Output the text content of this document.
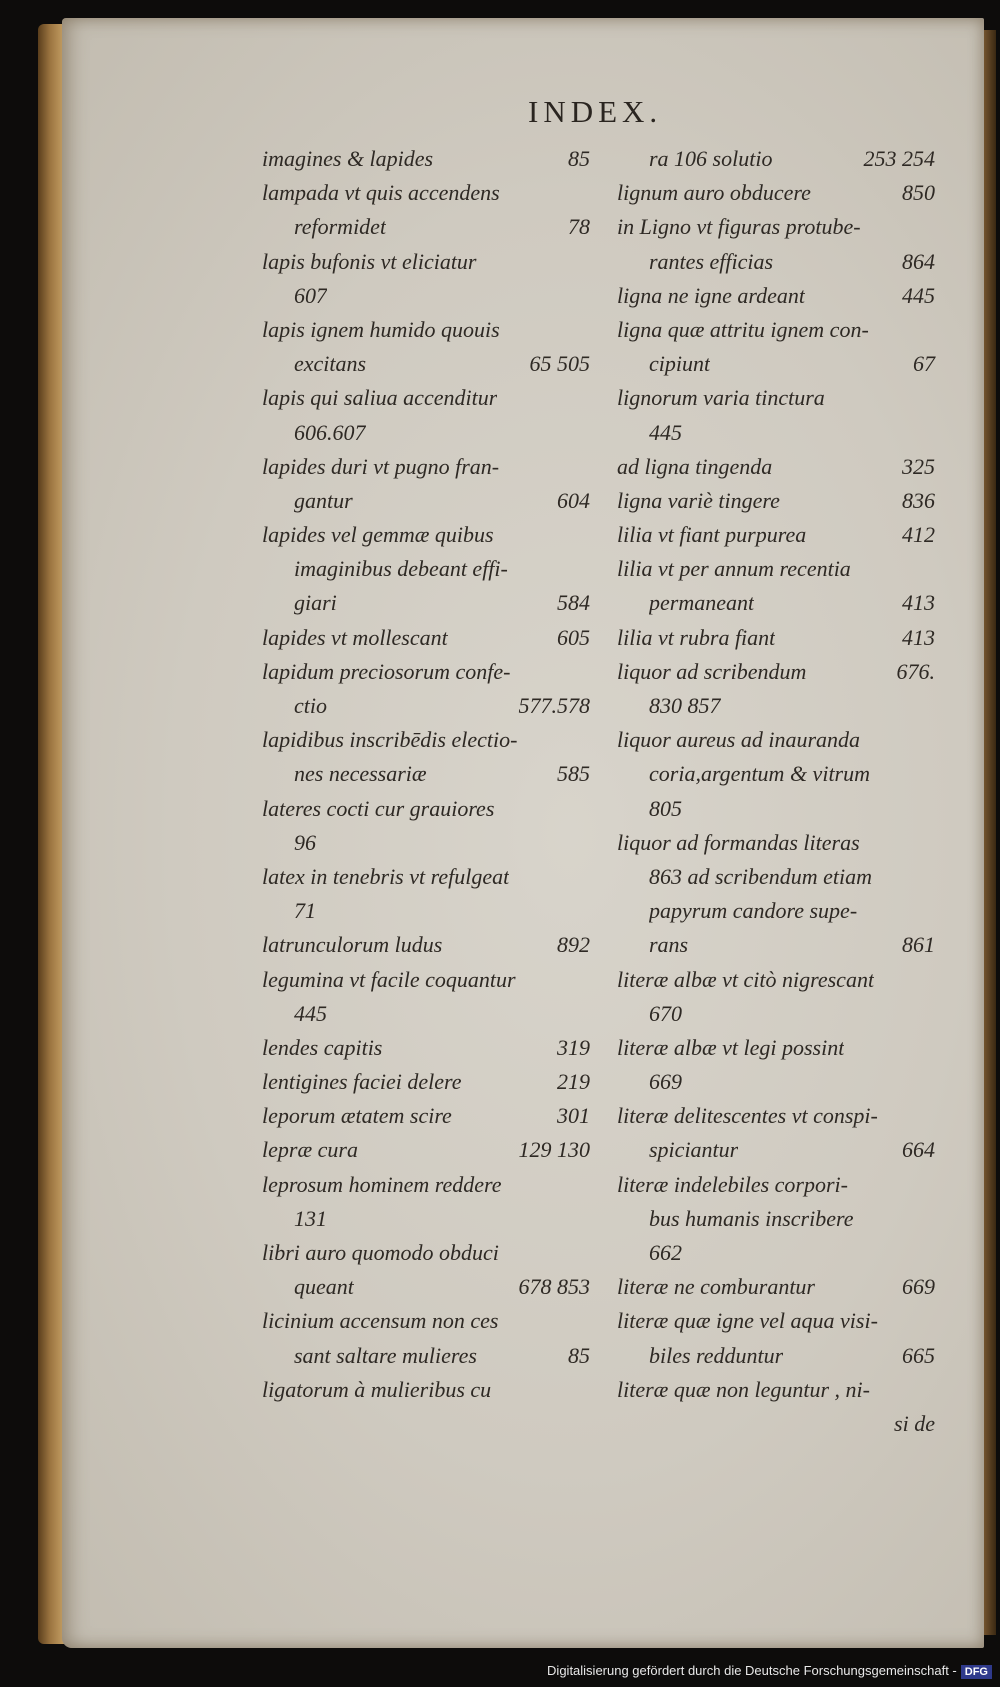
INDEX.
imagines & lapides	85
lampada vt quis accendens
reformidet	78
lapis bufonis vt eliciatur
607
lapis ignem humido quouis
excitans	65 505
lapis qui saliua accenditur
606.607
lapides duri vt pugno fran-
gantur	604
lapides vel gemmæ quibus
imaginibus debeant effi-
giari	584
lapides vt mollescant	605
lapidum preciosorum confe-
ctio	577.578
lapidibus inscribēdis electio-
nes necessariæ	585
lateres cocti cur grauiores
96
latex in tenebris vt refulgeat
71
latrunculorum ludus	892
legumina vt facile coquantur
445
lendes capitis	319
lentigines faciei delere	219
leporum ætatem scire	301
lepræ cura	129 130
leprosum hominem reddere
131
libri auro quomodo obduci
queant	678 853
licinium accensum non ces
sant saltare mulieres	85
ligatorum à mulieribus cu
ra 106 solutio	253 254
lignum auro obducere	850
in Ligno vt figuras protube-
rantes efficias	864
ligna ne igne ardeant	445
ligna quæ attritu ignem con-
cipiunt	67
lignorum varia tinctura
445
ad ligna tingenda	325
ligna variè tingere	836
lilia vt fiant purpurea	412
lilia vt per annum recentia
permaneant	413
lilia vt rubra fiant	413
liquor ad scribendum	676.
830 857
liquor aureus ad inauranda
coria,argentum & vitrum
805
liquor ad formandas literas
863 ad scribendum etiam
papyrum candore supe-
rans	861
literæ albæ vt citò nigrescant
670
literæ albæ vt legi possint
669
literæ delitescentes vt conspi-
spiciantur	664
literæ indelebiles corpori-
bus humanis inscribere
662
literæ ne comburantur	669
literæ quæ igne vel aqua visi-
biles redduntur	665
literæ quæ non leguntur , ni-
si de
Digitalisierung gefördert durch die Deutsche Forschungsgemeinschaft - DFG
